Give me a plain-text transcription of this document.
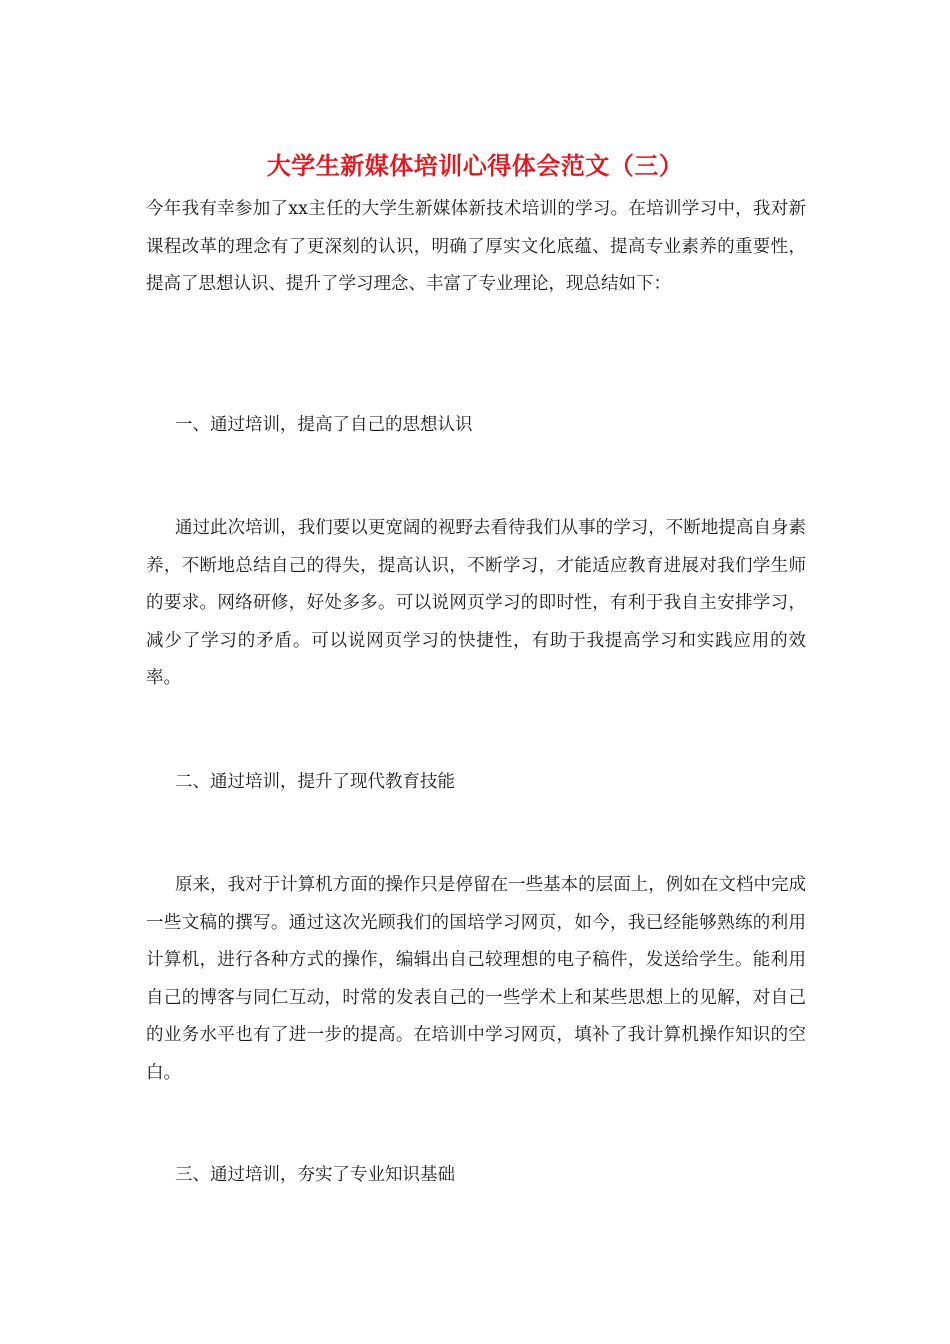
大学生新媒体培训心得体会范文（三）

今年我有幸参加了xx主任的大学生新媒体新技术培训的学习。在培训学习中，我对新课程改革的理念有了更深刻的认识，明确了厚实文化底蕴、提高专业素养的重要性，提高了思想认识、提升了学习理念、丰富了专业理论，现总结如下：

一、通过培训，提高了自己的思想认识

通过此次培训，我们要以更宽阔的视野去看待我们从事的学习，不断地提高自身素养，不断地总结自己的得失，提高认识，不断学习，才能适应教育进展对我们学生师的要求。网络研修，好处多多。可以说网页学习的即时性，有利于我自主安排学习，减少了学习的矛盾。可以说网页学习的快捷性，有助于我提高学习和实践应用的效率。

二、通过培训，提升了现代教育技能

原来，我对于计算机方面的操作只是停留在一些基本的层面上，例如在文档中完成一些文稿的撰写。通过这次光顾我们的国培学习网页，如今，我已经能够熟练的利用计算机，进行各种方式的操作，编辑出自己较理想的电子稿件，发送给学生。能利用自己的博客与同仁互动，时常的发表自己的一些学术上和某些思想上的见解，对自己的业务水平也有了进一步的提高。在培训中学习网页，填补了我计算机操作知识的空白。

三、通过培训，夯实了专业知识基础
